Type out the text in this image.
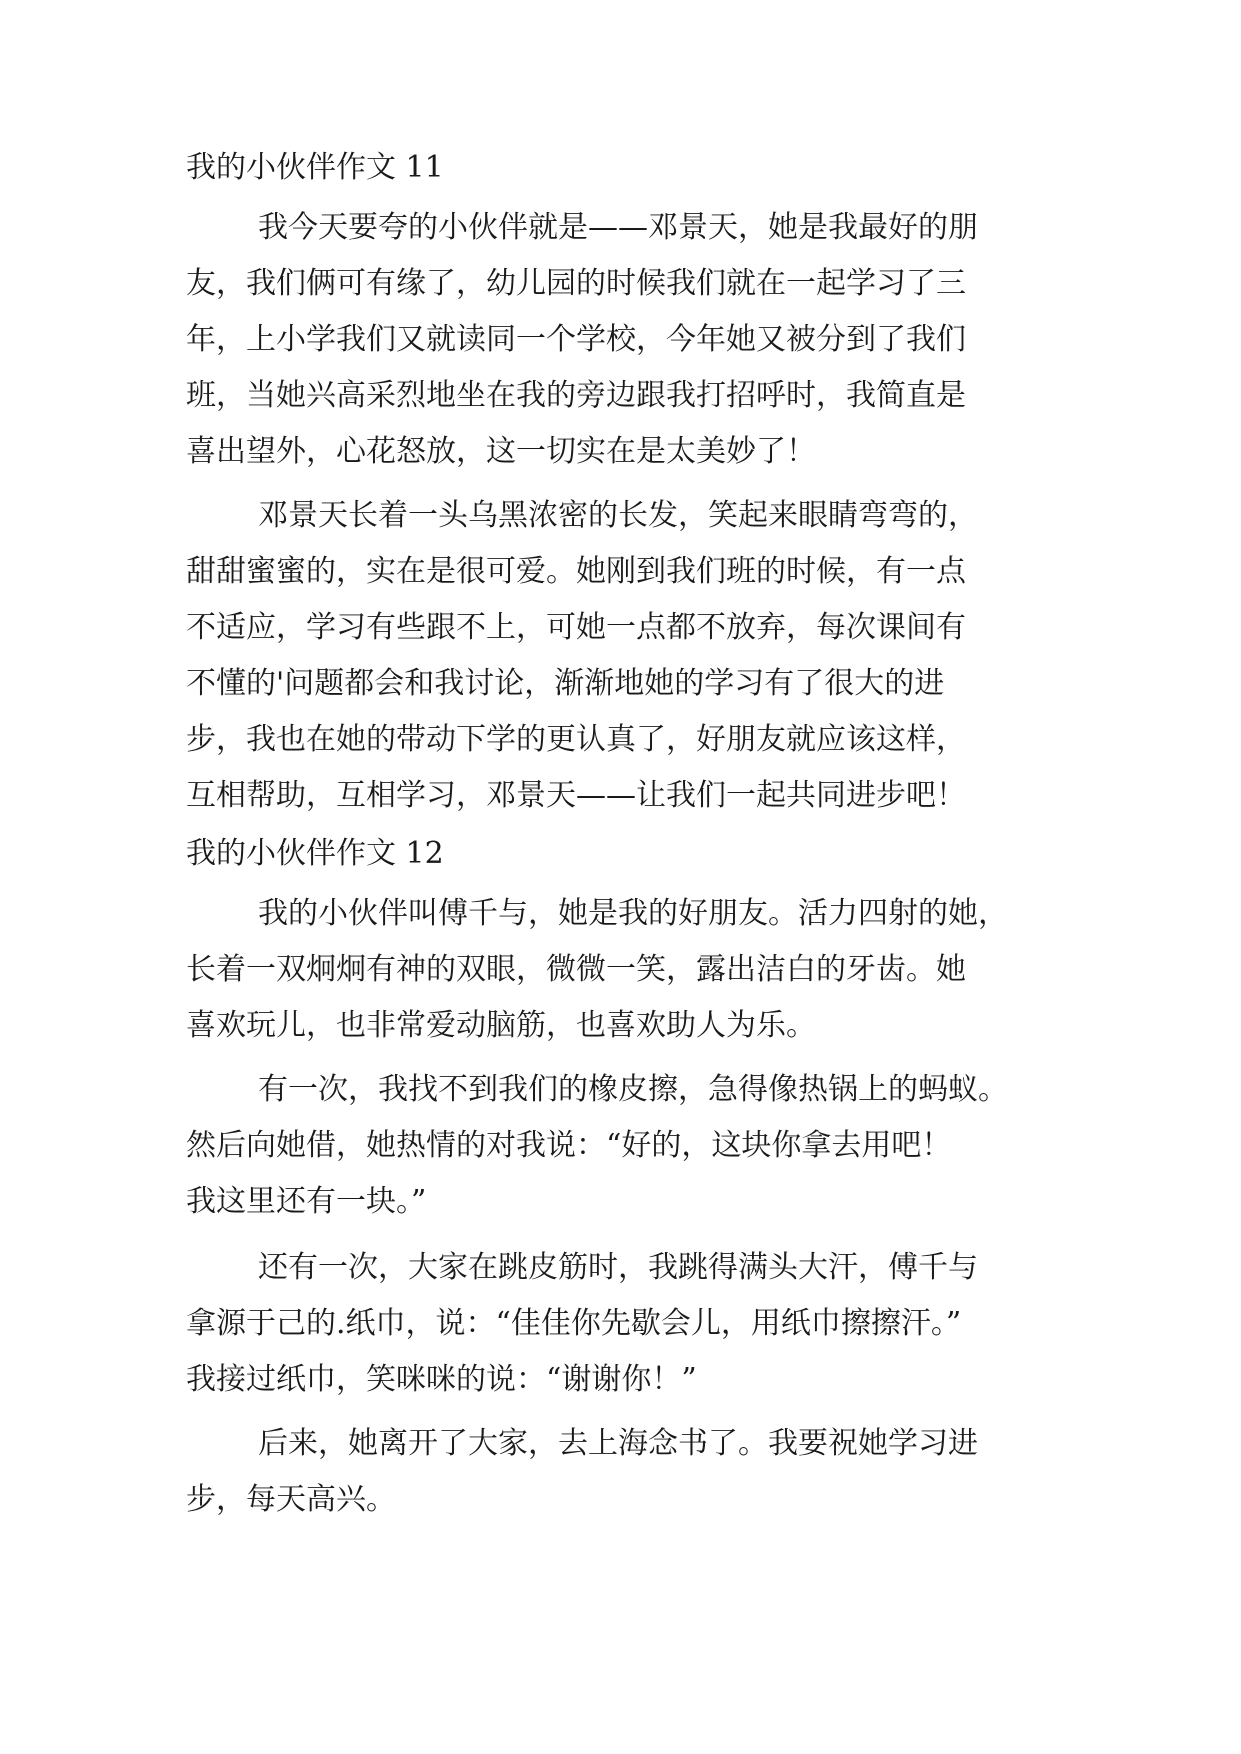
我的小伙伴作文 11
我今天要夸的小伙伴就是——邓景天，她是我最好的朋
友，我们俩可有缘了，幼儿园的时候我们就在一起学习了三
年，上小学我们又就读同一个学校，今年她又被分到了我们
班，当她兴高采烈地坐在我的旁边跟我打招呼时，我简直是
喜出望外，心花怒放，这一切实在是太美妙了！
邓景天长着一头乌黑浓密的长发，笑起来眼睛弯弯的，
甜甜蜜蜜的，实在是很可爱。她刚到我们班的时候，有一点
不适应，学习有些跟不上，可她一点都不放弃，每次课间有
不懂的'问题都会和我讨论，渐渐地她的学习有了很大的进
步，我也在她的带动下学的更认真了，好朋友就应该这样，
互相帮助，互相学习，邓景天——让我们一起共同进步吧！
我的小伙伴作文 12
我的小伙伴叫傅千与，她是我的好朋友。活力四射的她，
长着一双炯炯有神的双眼，微微一笑，露出洁白的牙齿。她
喜欢玩儿，也非常爱动脑筋，也喜欢助人为乐。
有一次，我找不到我们的橡皮擦，急得像热锅上的蚂蚁。
然后向她借，她热情的对我说：“好的，这块你拿去用吧！
我这里还有一块。”
还有一次，大家在跳皮筋时，我跳得满头大汗，傅千与
拿源于己的.纸巾，说：“佳佳你先歇会儿，用纸巾擦擦汗。”
我接过纸巾，笑咪咪的说：“谢谢你！”
后来，她离开了大家，去上海念书了。我要祝她学习进
步，每天高兴。
